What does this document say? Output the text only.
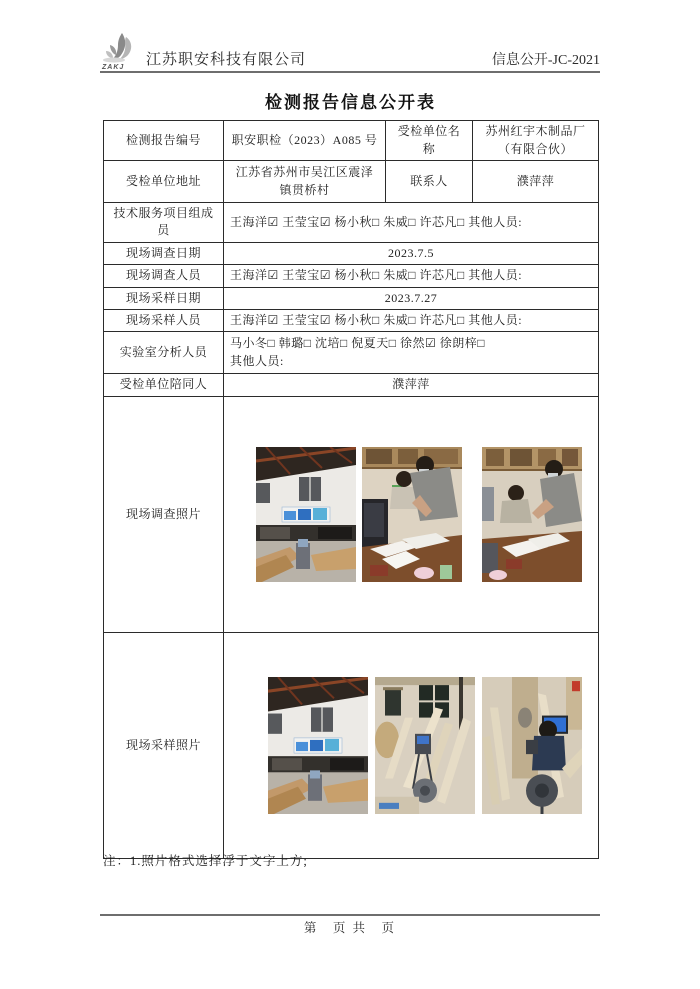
ZAKJ 江苏职安科技有限公司	信息公开-JC-2021
检测报告信息公开表
检测报告编号	职安职检（2023）A085 号	受检单位名称	苏州红宇木制品厂（有限合伙）
受检单位地址	江苏省苏州市吴江区震泽镇贯桥村	联系人	濮萍萍
技术服务项目组成员	王海洋☑ 王莹宝☑ 杨小秋□ 朱威□ 许芯凡□ 其他人员:		
现场调查日期	2023.7.5		
现场调查人员	王海洋☑ 王莹宝☑ 杨小秋□ 朱威□ 许芯凡□ 其他人员:		
现场采样日期	2023.7.27		
现场采样人员	王海洋☑ 王莹宝☑ 杨小秋□ 朱威□ 许芯凡□ 其他人员:		
实验室分析人员	马小冬□ 韩璐□ 沈培□ 倪夏天□ 徐然☑ 徐朗梓□
其他人员:		

受检单位陪同人	濮萍萍		
现场调查照片	

现场采样照片	
注：1.照片格式选择浮于文字上方;
第　页 共　页
